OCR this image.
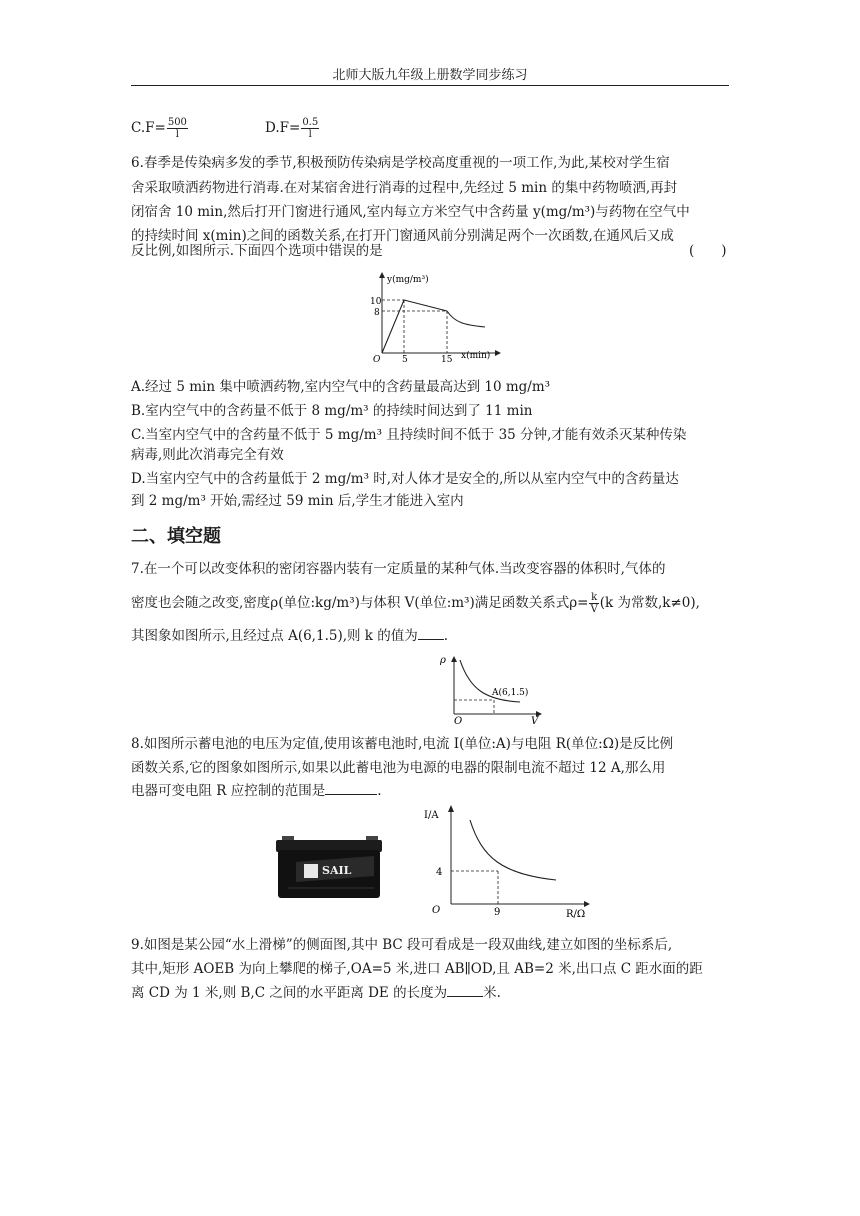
北师大版九年级上册数学同步练习
$C.F= \frac{500}{l}$	$D.F= \frac{0.5}{l}$
6.春季是传染病多发的季节,积极预防传染病是学校高度重视的一项工作,为此,某校对学生宿
舍采取喷洒药物进行消毒.在对某宿舍进行消毒的过程中,先经过 5 min 的集中药物喷洒,再封
闭宿舍 10 min,然后打开门窗进行通风,室内每立方米空气中含药量 y(mg/m³)与药物在空气中
的持续时间 x(min)之间的函数关系,在打开门窗通风前分别满足两个一次函数,在通风后又成
反比例,如图所示.下面四个选项中错误的是	(　　)
y(mg/m³)
x(min)
O
10
8
5	15
A.经过 5 min 集中喷洒药物,室内空气中的含药量最高达到 10 mg/m³
B.室内空气中的含药量不低于 8 mg/m³ 的持续时间达到了 11 min
C.当室内空气中的含药量不低于 5 mg/m³ 且持续时间不低于 35 分钟,才能有效杀灭某种传染
病毒,则此次消毒完全有效
D.当室内空气中的含药量低于 2 mg/m³ 时,对人体才是安全的,所以从室内空气中的含药量达
到 2 mg/m³ 开始,需经过 59 min 后,学生才能进入室内
二、填空题
7.在一个可以改变体积的密闭容器内装有一定质量的某种气体.当改变容器的体积时,气体的
密度也会随之改变,密度ρ(单位:kg/m³)与体积 V(单位:m³)满足函数关系式$\rho= \frac{k}{V} (k$ 为常数,k≠0),
其图象如图所示,且经过点 A(6,1.5),则 k 的值为 .
ρ
V
O
A(6,1.5)
8.如图所示蓄电池的电压为定值,使用该蓄电池时,电流 I(单位:A)与电阻 R(单位:Ω)是反比例
函数关系,它的图象如图所示,如果以此蓄电池为电源的电器的限制电流不超过 12 A,那么用
电器可变电阻 R 应控制的范围是	.
SAIL
I/A
R/Ω
O
4
9
9.如图是某公园“水上滑梯”的侧面图,其中 BC 段可看成是一段双曲线,建立如图的坐标系后,
其中,矩形 AOEB 为向上攀爬的梯子,OA=5 米,进口 AB∥OD,且 AB=2 米,出口点 C 距水面的距
离 CD 为 1 米,则 B,C 之间的水平距离 DE 的长度为	米.
